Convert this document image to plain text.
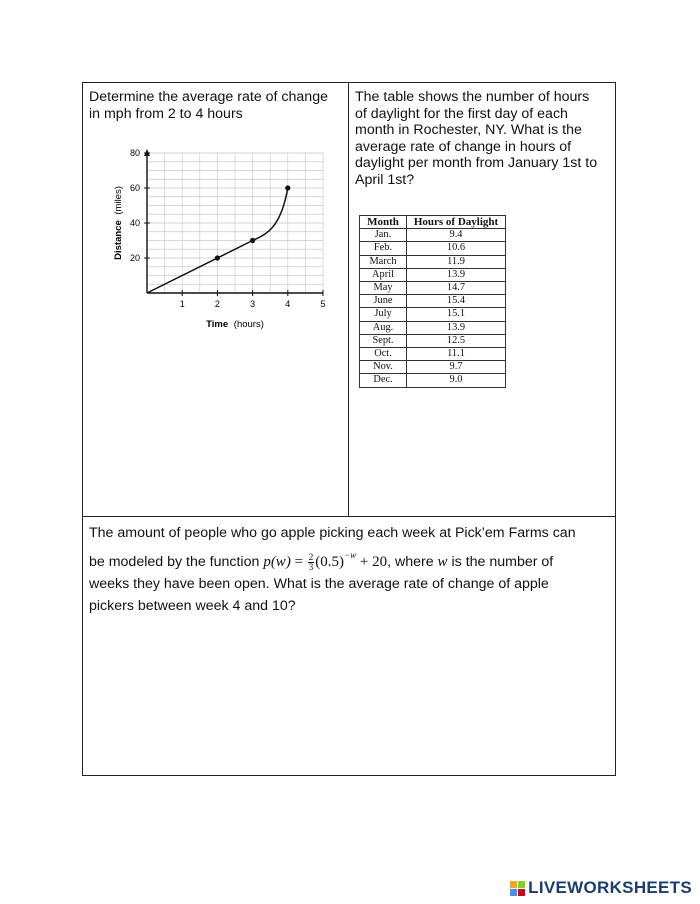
Determine the average rate of change
in mph from 2 to 4 hours
20
40
60
80
1	2	3	4	5
Distance (miles)
Time (hours)
The table shows the number of hours
of daylight for the first day of each
month in Rochester, NY. What is the
average rate of change in hours of
daylight per month from January 1st to
April 1st?
Month	Hours of Daylight
Jan.	9.4
Feb.	10.6
March	11.9
April	13.9
May	14.7
June	15.4
July	15.1
Aug.	13.9
Sept.	12.5
Oct.	11.1
Nov.	9.7
Dec.	9.0
The amount of people who go apple picking each week at Pick’em Farms can
be modeled by the function $p(w) = \frac{2}{3} (0.5)^{-w} + 20$, where w is the number of
weeks they have been open. What is the average rate of change of apple
pickers between week 4 and 10?
LIVEWORKSHEETS
